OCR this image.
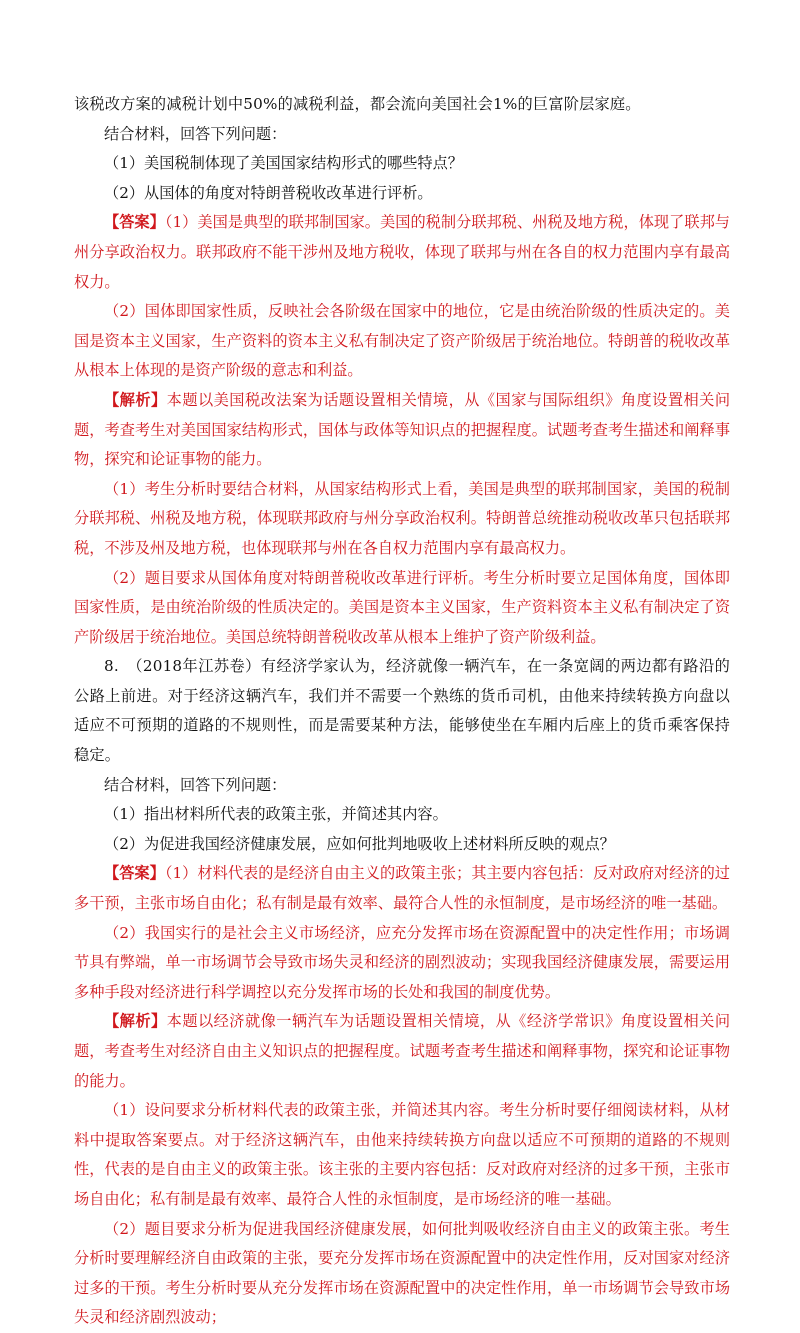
该税改方案的减税计划中50%的减税利益，都会流向美国社会1%的巨富阶层家庭。

结合材料，回答下列问题：

（1）美国税制体现了美国国家结构形式的哪些特点？

（2）从国体的角度对特朗普税收改革进行评析。

【答案】（1）美国是典型的联邦制国家。美国的税制分联邦税、州税及地方税，体现了联邦与州分享政治权力。联邦政府不能干涉州及地方税收，体现了联邦与州在各自的权力范围内享有最高权力。

（2）国体即国家性质，反映社会各阶级在国家中的地位，它是由统治阶级的性质决定的。美国是资本主义国家，生产资料的资本主义私有制决定了资产阶级居于统治地位。特朗普的税收改革从根本上体现的是资产阶级的意志和利益。

【解析】本题以美国税改法案为话题设置相关情境，从《国家与国际组织》角度设置相关问题，考查考生对美国国家结构形式，国体与政体等知识点的把握程度。试题考查考生描述和阐释事物，探究和论证事物的能力。

（1）考生分析时要结合材料，从国家结构形式上看，美国是典型的联邦制国家，美国的税制分联邦税、州税及地方税，体现联邦政府与州分享政治权利。特朗普总统推动税收改革只包括联邦税，不涉及州及地方税，也体现联邦与州在各自权力范围内享有最高权力。

（2）题目要求从国体角度对特朗普税收改革进行评析。考生分析时要立足国体角度，国体即国家性质，是由统治阶级的性质决定的。美国是资本主义国家，生产资料资本主义私有制决定了资产阶级居于统治地位。美国总统特朗普税收改革从根本上维护了资产阶级利益。

8.　（2018年江苏卷）有经济学家认为，经济就像一辆汽车，在一条宽阔的两边都有路沿的公路上前进。对于经济这辆汽车，我们并不需要一个熟练的货币司机，由他来持续转换方向盘以适应不可预期的道路的不规则性，而是需要某种方法，能够使坐在车厢内后座上的货币乘客保持稳定。

结合材料，回答下列问题：

（1）指出材料所代表的政策主张，并简述其内容。

（2）为促进我国经济健康发展，应如何批判地吸收上述材料所反映的观点？

【答案】（1）材料代表的是经济自由主义的政策主张；其主要内容包括：反对政府对经济的过多干预，主张市场自由化；私有制是最有效率、最符合人性的永恒制度，是市场经济的唯一基础。

（2）我国实行的是社会主义市场经济，应充分发挥市场在资源配置中的决定性作用；市场调节具有弊端，单一市场调节会导致市场失灵和经济的剧烈波动；实现我国经济健康发展，需要运用多种手段对经济进行科学调控以充分发挥市场的长处和我国的制度优势。

【解析】本题以经济就像一辆汽车为话题设置相关情境，从《经济学常识》角度设置相关问题，考查考生对经济自由主义知识点的把握程度。试题考查考生描述和阐释事物，探究和论证事物的能力。

（1）设问要求分析材料代表的政策主张，并简述其内容。考生分析时要仔细阅读材料，从材料中提取答案要点。对于经济这辆汽车，由他来持续转换方向盘以适应不可预期的道路的不规则性，代表的是自由主义的政策主张。该主张的主要内容包括：反对政府对经济的过多干预，主张市场自由化；私有制是最有效率、最符合人性的永恒制度，是市场经济的唯一基础。

（2）题目要求分析为促进我国经济健康发展，如何批判吸收经济自由主义的政策主张。考生分析时要理解经济自由政策的主张，要充分发挥市场在资源配置中的决定性作用，反对国家对经济过多的干预。考生分析时要从充分发挥市场在资源配置中的决定性作用，单一市场调节会导致市场失灵和经济剧烈波动；
